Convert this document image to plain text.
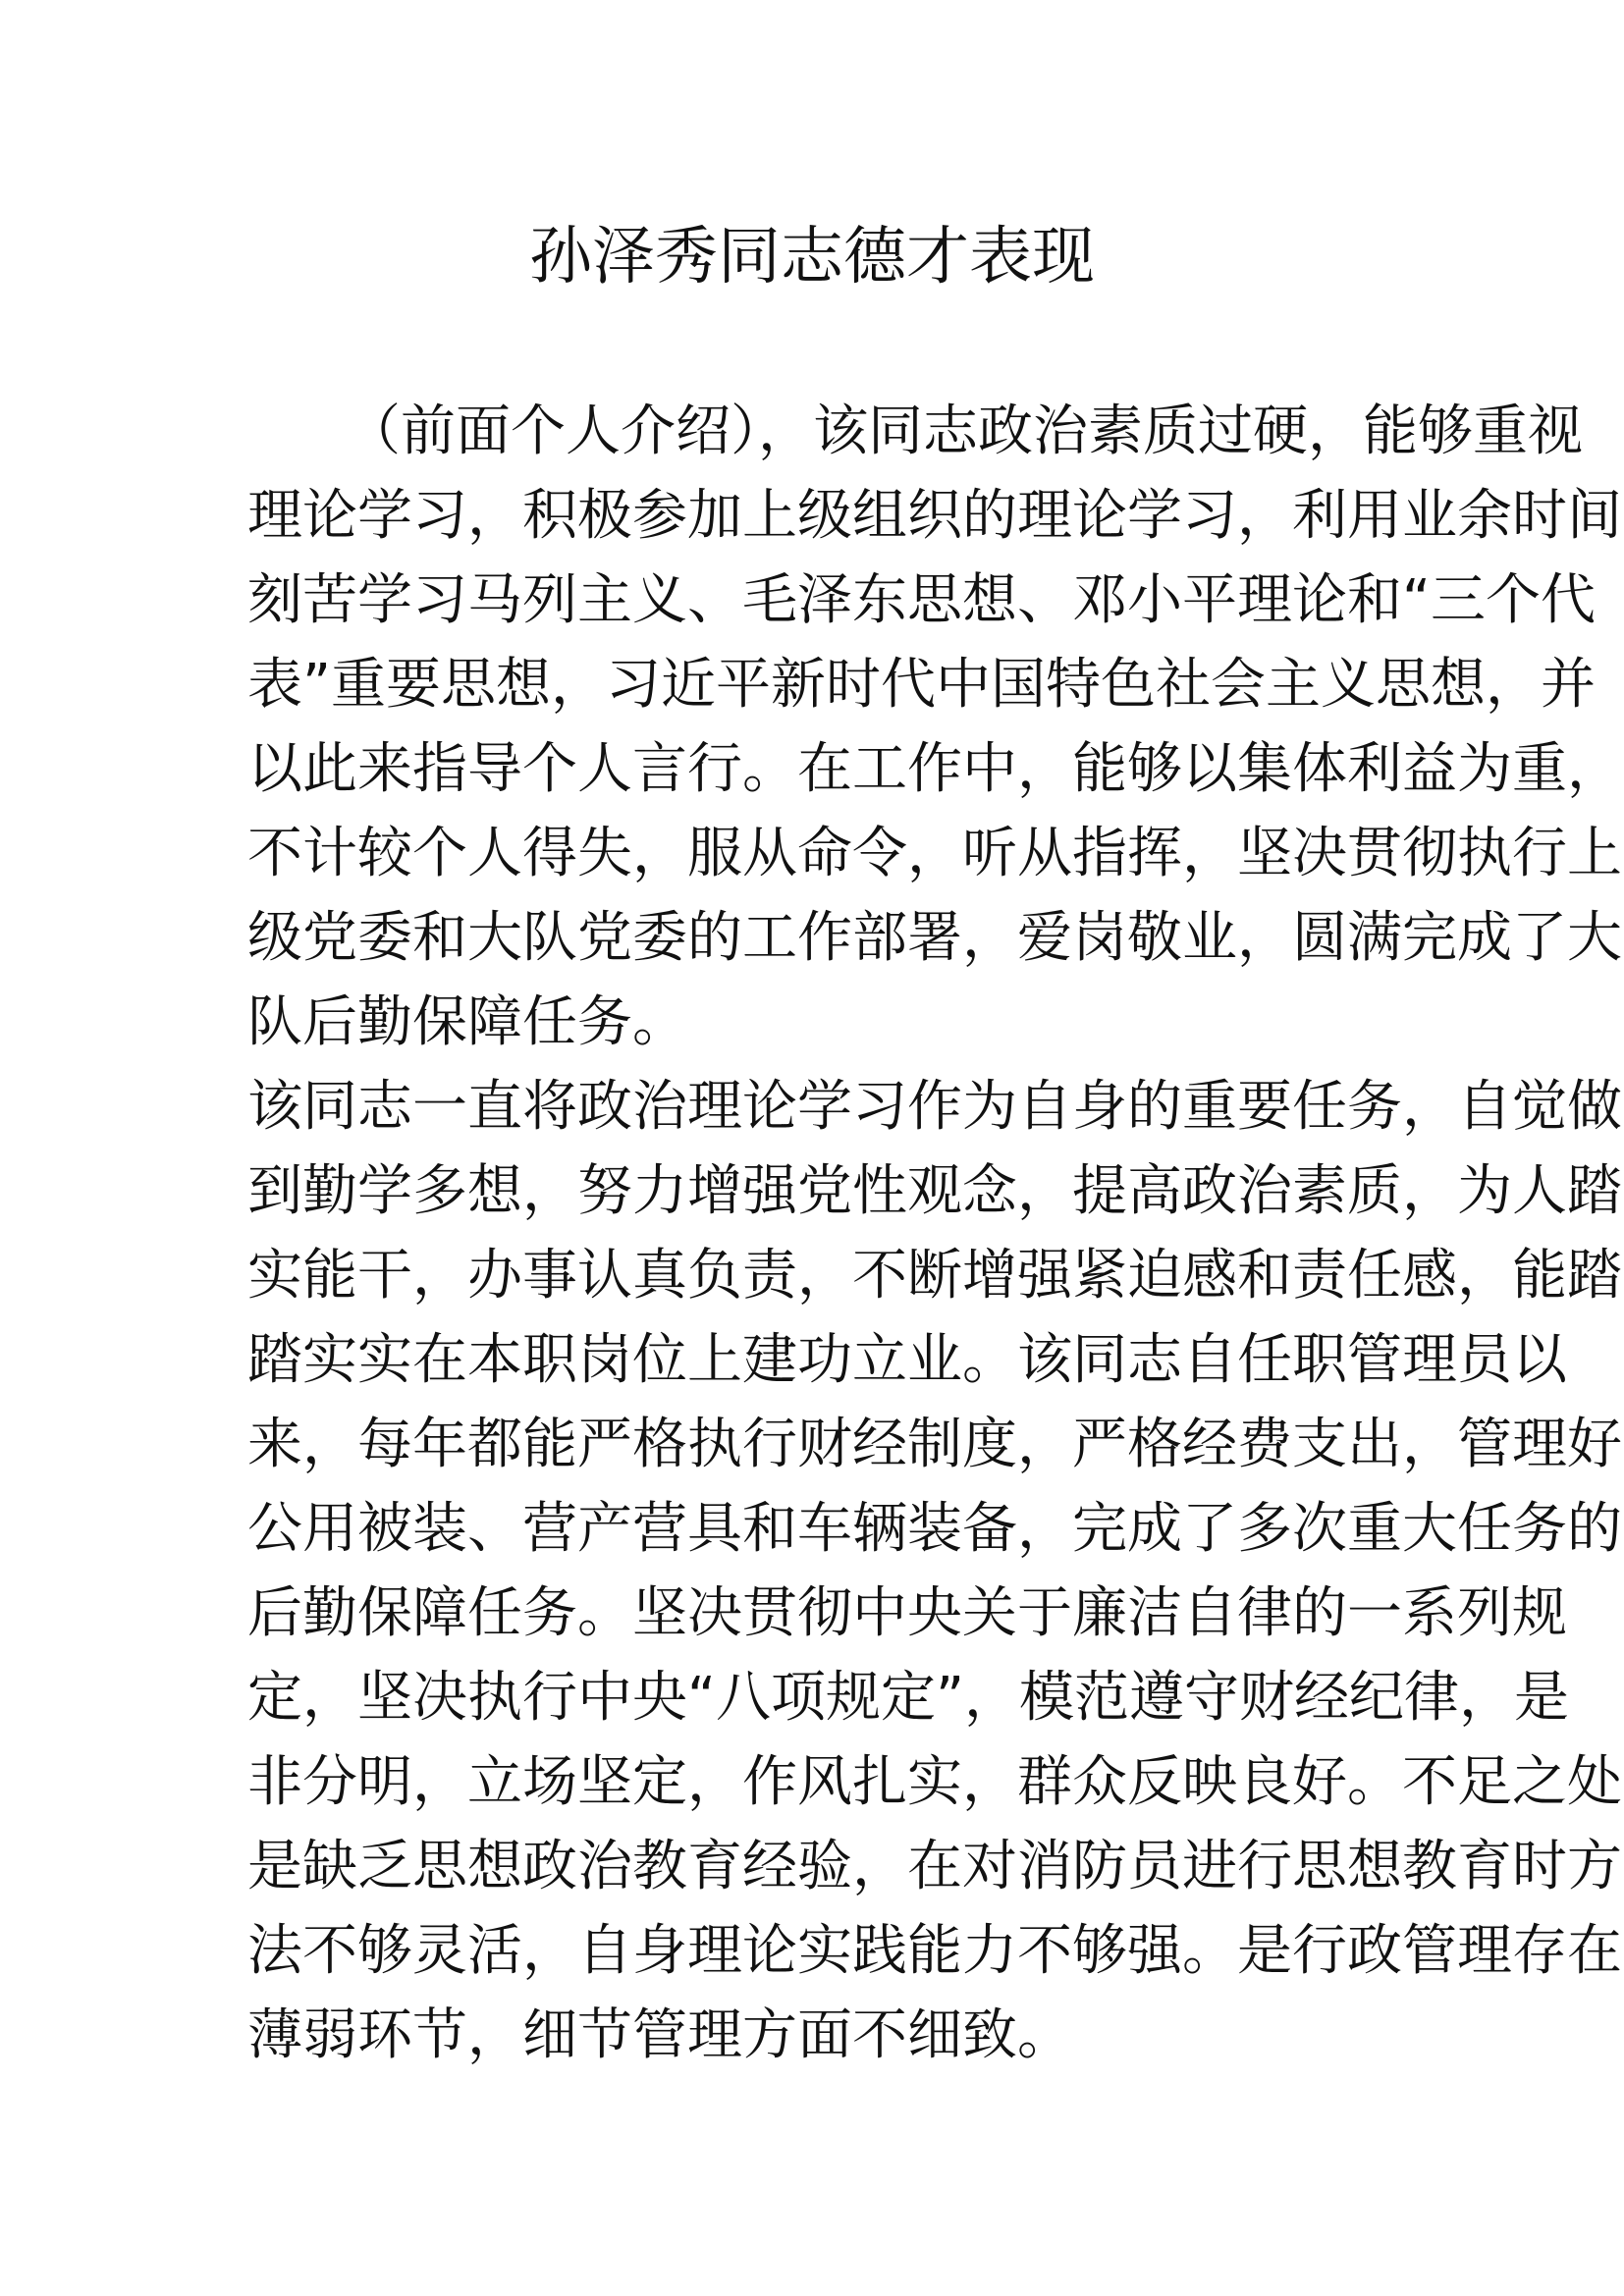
孙泽秀同志德才表现
（前面个人介绍），该同志政治素质过硬，能够重视
理论学习，积极参加上级组织的理论学习，利用业余时间
刻苦学习马列主义、毛泽东思想、邓小平理论和“三个代
表”重要思想，习近平新时代中国特色社会主义思想，并
以此来指导个人言行。在工作中，能够以集体利益为重，
不计较个人得失，服从命令，听从指挥，坚决贯彻执行上
级党委和大队党委的工作部署，爱岗敬业，圆满完成了大
队后勤保障任务。
该同志一直将政治理论学习作为自身的重要任务，自觉做
到勤学多想，努力增强党性观念，提高政治素质，为人踏
实能干，办事认真负责，不断增强紧迫感和责任感，能踏
踏实实在本职岗位上建功立业。该同志自任职管理员以
来，每年都能严格执行财经制度，严格经费支出，管理好
公用被装、营产营具和车辆装备，完成了多次重大任务的
后勤保障任务。坚决贯彻中央关于廉洁自律的一系列规
定，坚决执行中央“八项规定”，模范遵守财经纪律，是
非分明，立场坚定，作风扎实，群众反映良好。不足之处
是缺乏思想政治教育经验，在对消防员进行思想教育时方
法不够灵活，自身理论实践能力不够强。是行政管理存在
薄弱环节，细节管理方面不细致。
